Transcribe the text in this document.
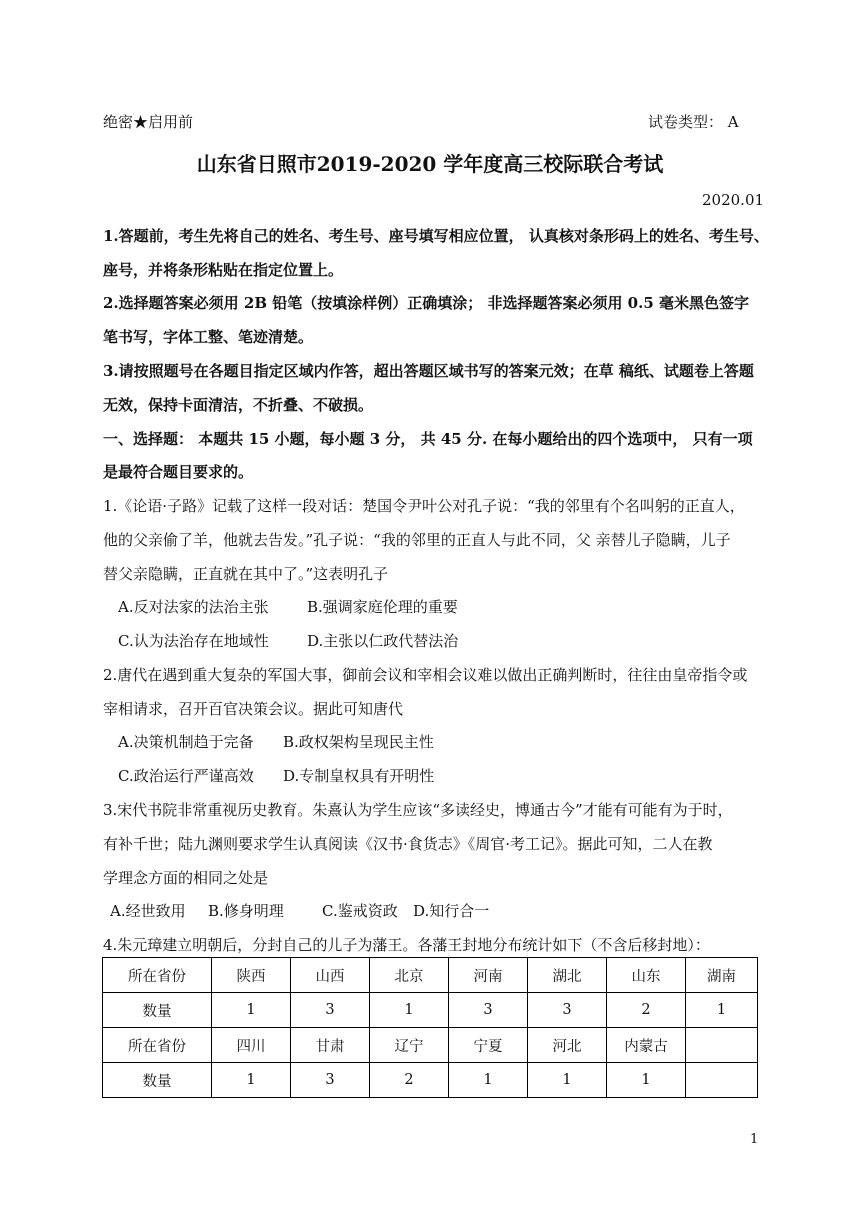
绝密★启用前	试卷类型： A
山东省日照市2019-2020 学年度高三校际联合考试
2020.01
1.答题前，考生先将自己的姓名、考生号、座号填写相应位置， 认真核对条形码上的姓名、考生号、
座号，并将条形粘贴在指定位置上。
2.选择题答案必须用 2B 铅笔（按填涂样例）正确填涂； 非选择题答案必须用 0.5 毫米黑色签字
笔书写，字体工整、笔迹清楚。
3.请按照题号在各题目指定区域内作答，超出答题区域书写的答案元效；在草 稿纸、试题卷上答题
无效，保持卡面清洁，不折叠、不破损。
一、选择题： 本题共 15 小题，每小题 3 分， 共 45 分. 在每小题给出的四个选项中， 只有一项
是最符合题目要求的。
1.《论语·子路》记载了这样一段对话：楚国令尹叶公对孔子说：“我的邻里有个名叫躬的正直人，
他的父亲偷了羊，他就去告发。”孔子说：“我的邻里的正直人与此不同，父 亲替儿子隐瞒，儿子
替父亲隐瞒，正直就在其中了。”这表明孔子
A.反对法家的法治主张	B.强调家庭伦理的重要
C.认为法治存在地域性	D.主张以仁政代替法治
2.唐代在遇到重大复杂的军国大事，御前会议和宰相会议难以做出正确判断时，往往由皇帝指令或
宰相请求，召开百官决策会议。据此可知唐代
A.决策机制趋于完备 B.政权架构呈现民主性
C.政治运行严谨高效 D.专制皇权具有开明性
3.宋代书院非常重视历史教育。朱熹认为学生应该“多读经史，博通古今”才能有可能有为于时，
有补千世；陆九渊则要求学生认真阅读《汉书·食货志》《周官·考工记》。据此可知，二人在教
学理念方面的相同之处是
A.经世致用 B.修身明理	C.鉴戒资政 D.知行合一
4.朱元璋建立明朝后，分封自己的儿子为藩王。各藩王封地分布统计如下（不含后移封地）：
所在省份	陕西	山西	北京	河南	湖北	山东	湖南
数量	1	3	1	3	3	2	1
所在省份	四川	甘肃	辽宁	宁夏	河北	内蒙古	
数量	1	3	2	1	1	1	
1
